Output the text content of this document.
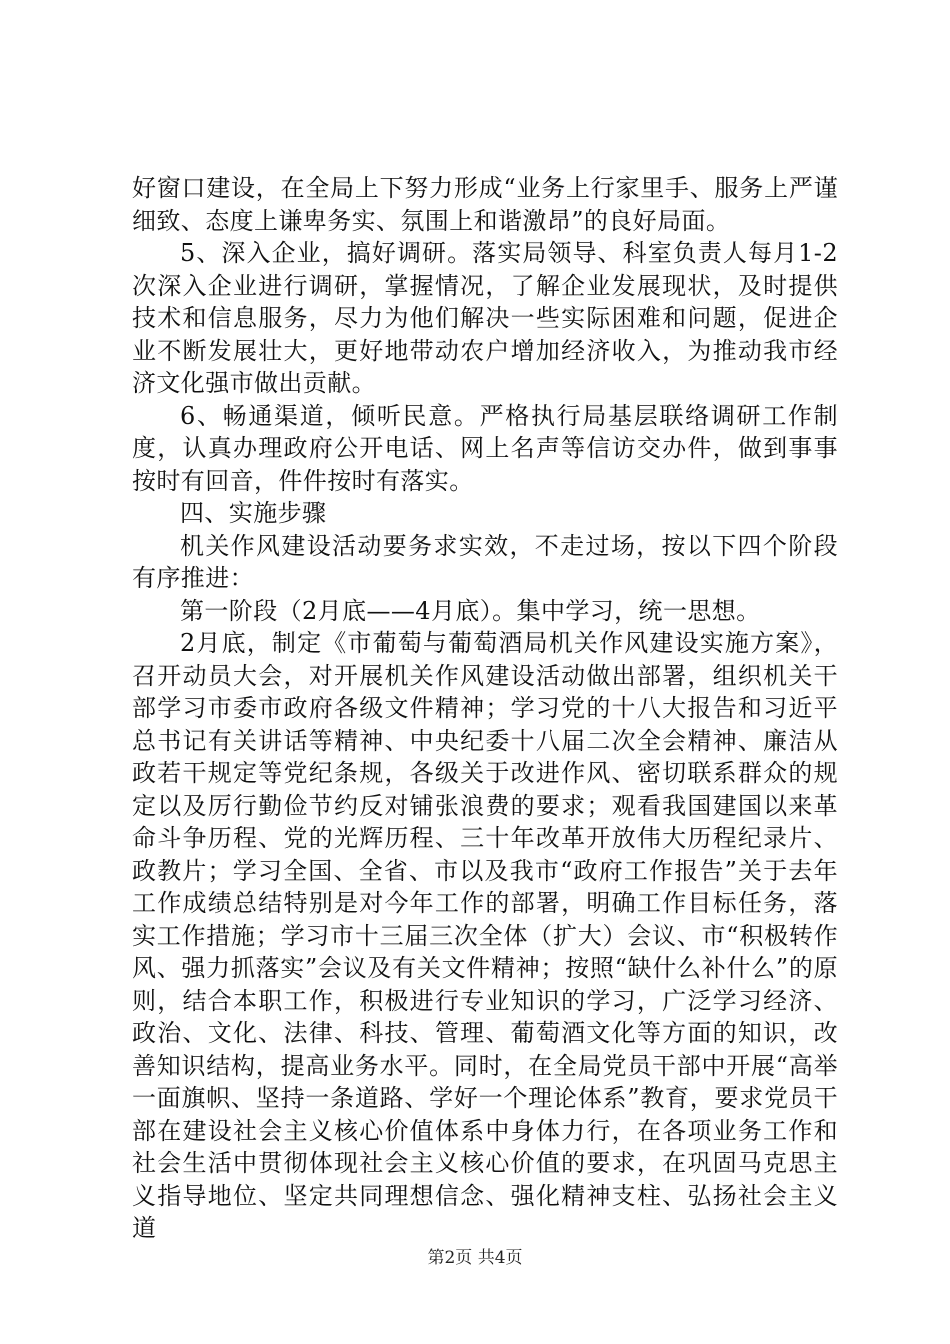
好窗口建设，在全局上下努力形成“业务上行家里手、服务上严谨细致、态度上谦卑务实、氛围上和谐激昂”的良好局面。

5、深入企业，搞好调研。落实局领导、科室负责人每月1-2次深入企业进行调研，掌握情况，了解企业发展现状，及时提供技术和信息服务，尽力为他们解决一些实际困难和问题，促进企业不断发展壮大，更好地带动农户增加经济收入，为推动我市经济文化强市做出贡献。

6、畅通渠道，倾听民意。严格执行局基层联络调研工作制度，认真办理政府公开电话、网上名声等信访交办件，做到事事按时有回音，件件按时有落实。

四、实施步骤

机关作风建设活动要务求实效，不走过场，按以下四个阶段有序推进：

第一阶段（2月底——4月底）。集中学习，统一思想。

2月底，制定《市葡萄与葡萄酒局机关作风建设实施方案》，召开动员大会，对开展机关作风建设活动做出部署，组织机关干部学习市委市政府各级文件精神；学习党的十八大报告和习近平总书记有关讲话等精神、中央纪委十八届二次全会精神、廉洁从政若干规定等党纪条规，各级关于改进作风、密切联系群众的规定以及厉行勤俭节约反对铺张浪费的要求；观看我国建国以来革命斗争历程、党的光辉历程、三十年改革开放伟大历程纪录片、政教片；学习全国、全省、市以及我市“政府工作报告”关于去年工作成绩总结特别是对今年工作的部署，明确工作目标任务，落实工作措施；学习市十三届三次全体（扩大）会议、市“积极转作风、强力抓落实”会议及有关文件精神；按照“缺什么补什么”的原则，结合本职工作，积极进行专业知识的学习，广泛学习经济、政治、文化、法律、科技、管理、葡萄酒文化等方面的知识，改善知识结构，提高业务水平。同时，在全局党员干部中开展“高举一面旗帜、坚持一条道路、学好一个理论体系”教育，要求党员干部在建设社会主义核心价值体系中身体力行，在各项业务工作和社会生活中贯彻体现社会主义核心价值的要求，在巩固马克思主义指导地位、坚定共同理想信念、强化精神支柱、弘扬社会主义道

第2页 共4页
